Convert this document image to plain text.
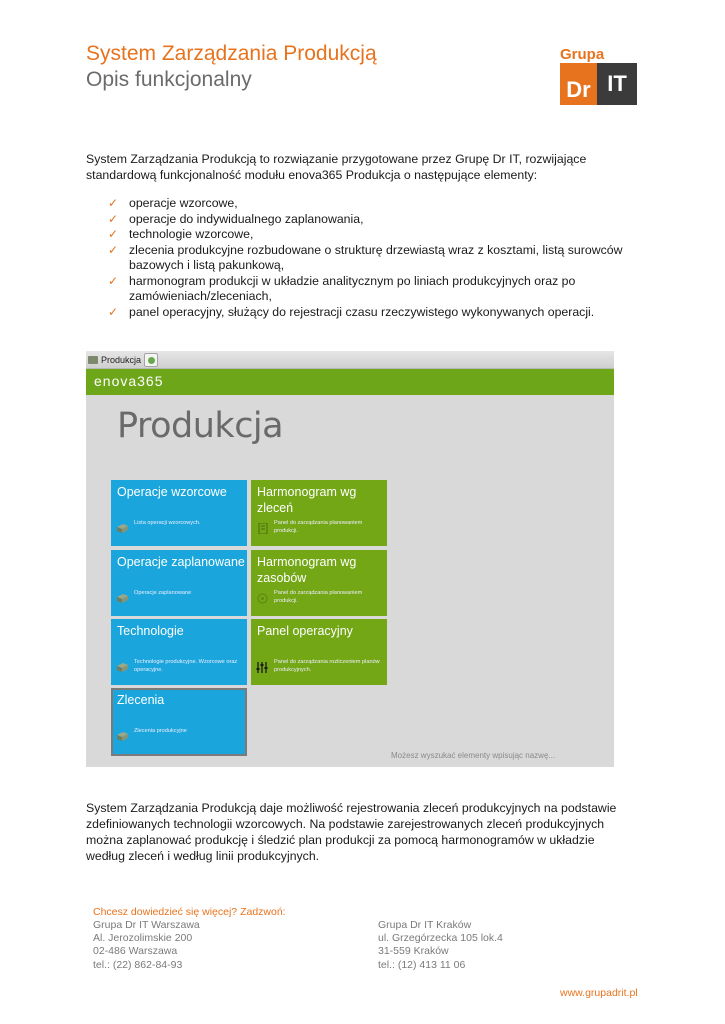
System Zarządzania Produkcją
Opis funkcjonalny
Grupa
Dr IT
System Zarządzania Produkcją to rozwiązanie przygotowane przez Grupę Dr IT, rozwijające standardową funkcjonalność modułu enova365 Produkcja o następujące elementy:
✓ operacje wzorcowe,
✓ operacje do indywidualnego zaplanowania,
✓ technologie wzorcowe,
✓ zlecenia produkcyjne rozbudowane o strukturę drzewiastą wraz z kosztami, listą surowców bazowych i listą pakunkową,
✓ harmonogram produkcji w układzie analitycznym po liniach produkcyjnych oraz po zamówieniach/zleceniach,
✓ panel operacyjny, służący do rejestracji czasu rzeczywistego wykonywanych operacji.
Produkcja
enova365
Produkcja
Operacje wzorcowe
Lista operacji wzorcowych.
Harmonogram wg zleceń
Panel do zarządzania planowaniem produkcji.
Operacje zaplanowane
Operacje zaplanowane
Harmonogram wg zasobów
Panel do zarządzania planowaniem produkcji.
Technologie
Technologie produkcyjne. Wzorcowe oraz operacyjne.
Panel operacyjny
Panel do zarządzania rozliczeniem planów produkcyjnych.
Zlecenia
Zlecenia produkcyjne
Możesz wyszukać elementy wpisując nazwę...
System Zarządzania Produkcją daje możliwość rejestrowania zleceń produkcyjnych na podstawie zdefiniowanych technologii wzorcowych. Na podstawie zarejestrowanych zleceń produkcyjnych można zaplanować produkcję i śledzić plan produkcji za pomocą harmonogramów w układzie według zleceń i według linii produkcyjnych.
Chcesz dowiedzieć się więcej? Zadzwoń:
Grupa Dr IT Warszawa
Al. Jerozolimskie 200
02-486 Warszawa
tel.: (22) 862-84-93
Grupa Dr IT Kraków
ul. Grzegórzecka 105 lok.4
31-559 Kraków
tel.: (12) 413 11 06
www.grupadrit.pl
